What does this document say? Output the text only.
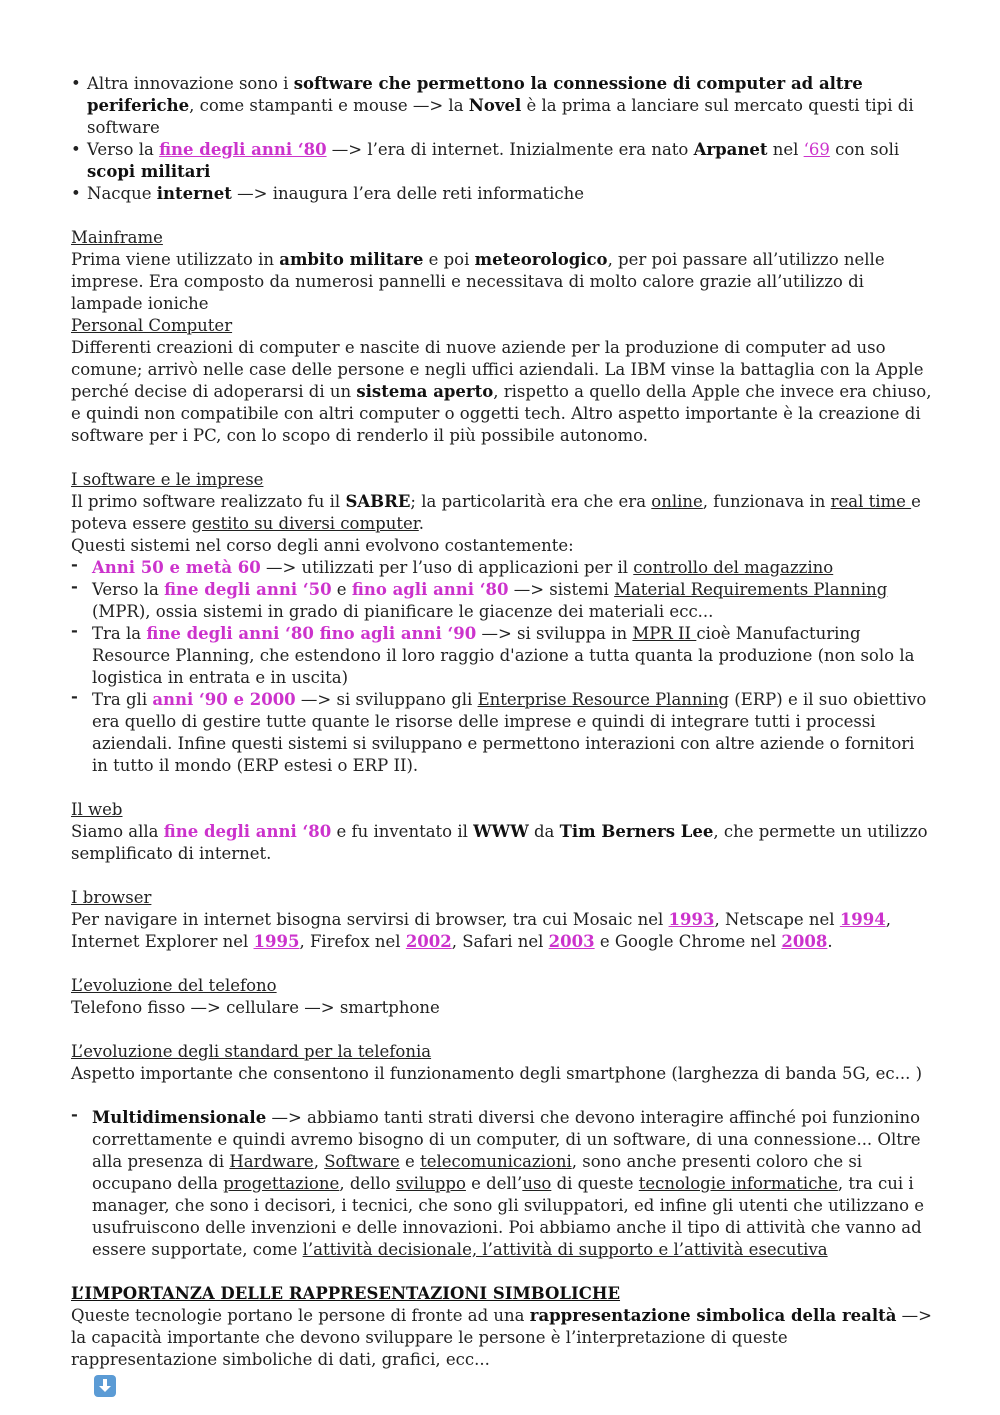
• Altra innovazione sono i software che permettono la connessione di computer ad altre periferiche, come stampanti e mouse —> la Novel è la prima a lanciare sul mercato questi tipi di software
• Verso la fine degli anni ‘80 —> l’era di internet. Inizialmente era nato Arpanet nel ‘69 con soli scopi militari
• Nacque internet —> inaugura l’era delle reti informatiche

Mainframe

Prima viene utilizzato in ambito militare e poi meteorologico, per poi passare all’utilizzo nelle imprese. Era composto da numerosi pannelli e necessitava di molto calore grazie all’utilizzo di lampade ioniche

Personal Computer

Differenti creazioni di computer e nascite di nuove aziende per la produzione di computer ad uso comune; arrivò nelle case delle persone e negli uffici aziendali. La IBM vinse la battaglia con la Apple perché decise di adoperarsi di un sistema aperto, rispetto a quello della Apple che invece era chiuso, e quindi non compatibile con altri computer o oggetti tech. Altro aspetto importante è la creazione di software per i PC, con lo scopo di renderlo il più possibile autonomo.

I software e le imprese

Il primo software realizzato fu il SABRE; la particolarità era che era online, funzionava in real time e poteva essere gestito su diversi computer.

Questi sistemi nel corso degli anni evolvono costantemente:

- Anni 50 e metà 60 —> utilizzati per l’uso di applicazioni per il controllo del magazzino
- Verso la fine degli anni ‘50 e fino agli anni ‘80 —> sistemi Material Requirements Planning (MPR), ossia sistemi in grado di pianificare le giacenze dei materiali ecc...
- Tra la fine degli anni ‘80 fino agli anni ‘90 —> si sviluppa in MPR II cioè Manufacturing Resource Planning, che estendono il loro raggio d'azione a tutta quanta la produzione (non solo la logistica in entrata e in uscita)
- Tra gli anni ‘90 e 2000 —> si sviluppano gli Enterprise Resource Planning (ERP) e il suo obiettivo era quello di gestire tutte quante le risorse delle imprese e quindi di integrare tutti i processi aziendali. Infine questi sistemi si sviluppano e permettono interazioni con altre aziende o fornitori in tutto il mondo (ERP estesi o ERP II).

Il web

Siamo alla fine degli anni ‘80 e fu inventato il WWW da Tim Berners Lee, che permette un utilizzo semplificato di internet.

I browser

Per navigare in internet bisogna servirsi di browser, tra cui Mosaic nel 1993, Netscape nel 1994, Internet Explorer nel 1995, Firefox nel 2002, Safari nel 2003 e Google Chrome nel 2008.

L’evoluzione del telefono

Telefono fisso —> cellulare —> smartphone

L’evoluzione degli standard per la telefonia

Aspetto importante che consentono il funzionamento degli smartphone (larghezza di banda 5G, ec... )

- Multidimensionale —> abbiamo tanti strati diversi che devono interagire affinché poi funzionino correttamente e quindi avremo bisogno di un computer, di un software, di una connessione... Oltre alla presenza di Hardware, Software e telecomunicazioni, sono anche presenti coloro che si occupano della progettazione, dello sviluppo e dell’uso di queste tecnologie informatiche, tra cui i manager, che sono i decisori, i tecnici, che sono gli sviluppatori, ed infine gli utenti che utilizzano e usufruiscono delle invenzioni e delle innovazioni. Poi abbiamo anche il tipo di attività che vanno ad essere supportate, come l’attività decisionale, l’attività di supporto e l’attività esecutiva

L’IMPORTANZA DELLE RAPPRESENTAZIONI SIMBOLICHE

Queste tecnologie portano le persone di fronte ad una rappresentazione simbolica della realtà —> la capacità importante che devono sviluppare le persone è l’interpretazione di queste rappresentazione simboliche di dati, grafici, ecc...
